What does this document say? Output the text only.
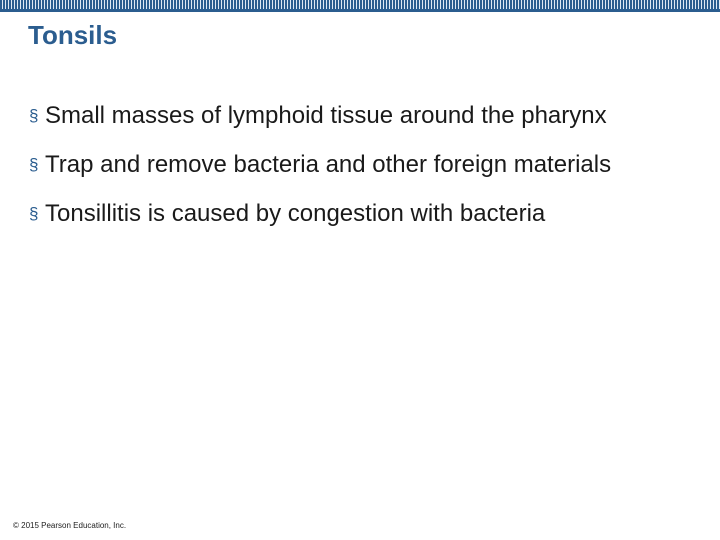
Tonsils
§ Small masses of lymphoid tissue around the pharynx
§ Trap and remove bacteria and other foreign materials
§ Tonsillitis is caused by congestion with bacteria
© 2015 Pearson Education, Inc.
